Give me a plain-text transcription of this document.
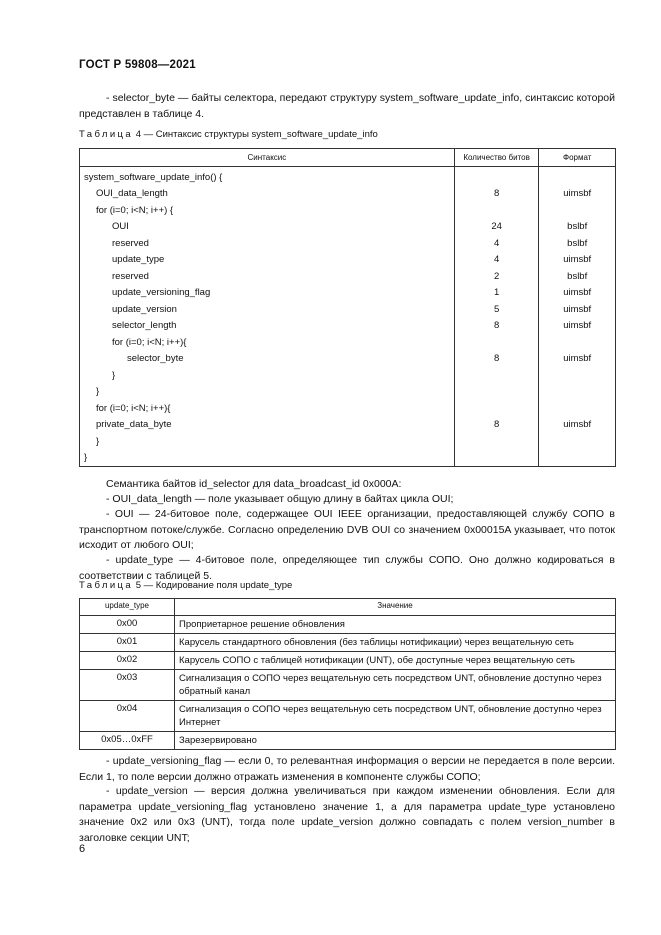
ГОСТ Р 59808—2021
- selector_byte — байты селектора, передают структуру system_software_update_info, синтаксис которой представлен в таблице 4.
Таблица 4 — Синтаксис структуры system_software_update_info
Синтаксис	Количество битов	Формат
system_software_update_info() {		
OUI_data_length	8	uimsbf
for (i=0; i<N; i++) {		
OUI	24	bslbf
reserved	4	bslbf
update_type	4	uimsbf
reserved	2	bslbf
update_versioning_flag	1	uimsbf
update_version	5	uimsbf
selector_length	8	uimsbf
for (i=0; i<N; i++){		
selector_byte	8	uimsbf
}		
}		
for (i=0; i<N; i++){		
private_data_byte	8	uimsbf
}		
}		
Семантика байтов id_selector для data_broadcast_id 0x000A:
- OUI_data_length — поле указывает общую длину в байтах цикла OUI;
- OUI — 24-битовое поле, содержащее OUI IEEE организации, предоставляющей службу СОПО в транспортном потоке/службе. Согласно определению DVB OUI со значением 0x00015A указывает, что поток исходит от любого OUI;
- update_type — 4-битовое поле, определяющее тип службы СОПО. Оно должно кодироваться в соответствии с таблицей 5.
Таблица 5 — Кодирование поля update_type
update_type	Значение
0x00	Проприетарное решение обновления
0x01	Карусель стандартного обновления (без таблицы нотификации) через вещательную сеть
0x02	Карусель СОПО с таблицей нотификации (UNT), обе доступные через вещательную сеть
0x03	Сигнализация о СОПО через вещательную сеть посредством UNT, обновление доступно через обратный канал
0x04	Сигнализация о СОПО через вещательную сеть посредством UNT, обновление доступно через Интернет
0x05…0xFF	Зарезервировано
- update_versioning_flag — если 0, то релевантная информация о версии не передается в поле версии. Если 1, то поле версии должно отражать изменения в компоненте службы СОПО;
- update_version — версия должна увеличиваться при каждом изменении обновления. Если для параметра update_versioning_flag установлено значение 1, а для параметра update_type установлено значение 0x2 или 0x3 (UNT), тогда поле update_version должно совпадать с полем version_number в заголовке секции UNT;
6
